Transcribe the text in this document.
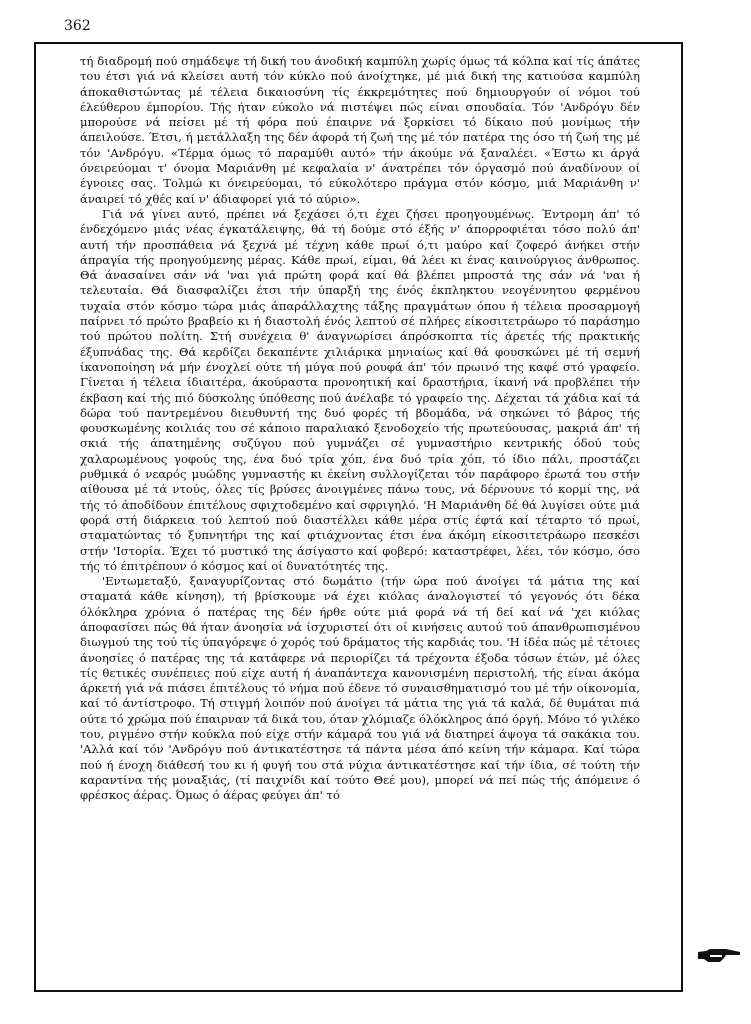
362

τή διαδρομή πού σημάδεψε τή δική του άνοδική καμπύλη χωρίς όμως τά κόλπα καί τίς άπάτες του έτσι γιά νά κλείσει αυτή τόν κύκλο πού άνοίχτηκε, μέ μιά δική της κατιούσα καμπύλη άποκαθιστώντας μέ τέλεια δικαιοσύνη τίς έκκρεμότητες πού δημιουργούν οί νόμοι τού έλεύθερου έμπορίου. Τής ήταν εύκολο νά πιστέψει πώς είναι σπουδαία. Τόν 'Ανδρόγυ δέν μπορούσε νά πείσει μέ τή φόρα πού έπαιρνε νά ξορκίσει τό δίκαιο πού μονίμως τήν άπειλούσε. Έτσι, ή μετάλλαξη της δέν άφορά τή ζωή της μέ τόν πατέρα της όσο τή ζωή της μέ τόν 'Ανδρόγυ. «Τέρμα όμως τό παραμύθι αυτό» τήν άκούμε νά ξαναλέει. «Έστω κι άργά όνειρεύομαι τ' όνομα Μαριάνθη μέ κεφαλαία ν' άνατρέπει τόν όργασμό πού άναδίνουν οί έγνοιες σας. Τολμώ κι όνειρεύομαι, τό εύκολότερο πράγμα στόν κόσμο, μιά Μαριάνθη ν' άναιρεί τό χθές καί ν' άδιαφορεί γιά τό αύριο».

Γιά νά γίνει αυτό, πρέπει νά ξεχάσει ό,τι έχει ζήσει προηγουμένως. Έντρομη άπ' τό ένδεχόμενο μιάς νέας έγκατάλειψης, θά τή δούμε στό έξής ν' άπορροφιέται τόσο πολύ άπ' αυτή τήν προσπάθεια νά ξεχνά μέ τέχνη κάθε πρωί ό,τι μαύρο καί ζοφερό άνήκει στήν άπραγία τής προηγούμενης μέρας. Κάθε πρωί, είμαι, θά λέει κι ένας καινούργιος άνθρωπος. Θά άνασαίνει σάν νά 'ναι γιά πρώτη φορά καί θά βλέπει μπροστά της σάν νά 'ναι ή τελευταία. Θά διασφαλίζει έτσι τήν ύπαρξή της ένός έκπληκτου νεογέννητου φερμένου τυχαία στόν κόσμο τώρα μιάς άπαράλλαχτης τάξης πραγμάτων όπου ή τέλεια προσαρμογή παίρνει τό πρώτο βραβείο κι ή διαστολή ένός λεπτού σέ πλήρες είκοσιτετράωρο τό παράσημο τού πρώτου πολίτη. Στή συνέχεια θ' άναγνωρίσει άπρόσκοπτα τίς άρετές τής πρακτικής έξυπνάδας της. Θά κερδίζει δεκαπέντε χιλιάρικα μηνιαίως καί θά φουσκώνει μέ τή σεμνή ίκανοποίηση νά μήν ένοχλεί ούτε τή μύγα πού ρουφά άπ' τόν πρωινό της καφέ στό γραφείο. Γίνεται ή τέλεια ίδιαιτέρα, άκούραστα προνοητική καί δραστήρια, ίκανή νά προβλέπει τήν έκβαση καί τής πιό δύσκολης ύπόθεσης πού άνέλαβε τό γραφείο της. Δέχεται τά χάδια καί τά δώρα τού παντρεμένου διευθυντή της δυό φορές τή βδομάδα, νά σηκώνει τό βάρος τής φουσκωμένης κοιλιάς του σέ κάποιο παραλιακό ξενοδοχείο τής πρωτεύουσας, μακριά άπ' τή σκιά τής άπατημένης συζύγου πού γυμνάζει σέ γυμναστήριο κεντρικής όδού τούς χαλαρωμένους γοφούς της, ένα δυό τρία χόπ, ένα δυό τρία χόπ, τό ίδιο πάλι, προστάζει ρυθμικά ό νεαρός μυώδης γυμναστής κι έκείνη συλλογίζεται τόν παράφορο έρωτά του στήν αίθουσα μέ τά ντούς, όλες τίς βρύσες άνοιγμένες πάνω τους, νά δέρνουνε τό κορμί της, νά τής τό άποδίδουν έπιτέλους σφιχτοδεμένο καί σφριγηλό. 'Η Μαριάνθη δέ θά λυγίσει ούτε μιά φορά στή διάρκεια τού λεπτού πού διαστέλλει κάθε μέρα στίς έφτά καί τέταρτο τό πρωί, σταματώντας τό ξυπνητήρι της καί φτιάχνοντας έτσι ένα άκόμη είκοσιτετράωρο πεσκέσι στήν 'Ιστορία. Έχει τό μυστικό της άσίγαστο καί φοβερό: καταστρέφει, λέει, τόν κόσμο, όσο τής τό έπιτρέπουν ό κόσμος καί οί δυνατότητές της.

'Εντωμεταξύ, ξαναγυρίζοντας στό δωμάτιο (τήν ώρα πού άνοίγει τά μάτια της καί σταματά κάθε κίνηση), τή βρίσκουμε νά έχει κιόλας άναλογιστεί τό γεγονός ότι δέκα όλόκληρα χρόνια ό πατέρας της δέν ήρθε ούτε μιά φορά νά τή δεί καί νά 'χει κιόλας άποφασίσει πώς θά ήταν άνοησία νά ίσχυριστεί ότι οί κινήσεις αυτού τού άπανθρωπισμένου διωγμού της τού τίς ύπαγόρεψε ό χορός τού δράματος τής καρδιάς του. 'Η ίδέα πώς μέ τέτοιες άνοησίες ό πατέρας της τά κατάφερε νά περιορίζει τά τρέχοντα έξοδα τόσων έτών, μέ όλες τίς θετικές συνέπειες πού είχε αυτή ή άναπάντεχα κανονισμένη περιστολή, τής είναι άκόμα άρκετή γιά νά πιάσει έπιτέλους τό νήμα πού έδενε τό συναισθηματισμό του μέ τήν οίκονομία, καί τό άντίστροφο. Τή στιγμή λοιπόν πού άνοίγει τά μάτια της γιά τά καλά, δέ θυμάται πιά ούτε τό χρώμα πού έπαιρναν τά δικά του, όταν χλόμιαζε όλόκληρος άπό όργή. Μόνο τό γιλέκο του, ριγμένο στήν κούκλα πού είχε στήν κάμαρά του γιά νά διατηρεί άψογα τά σακάκια του. 'Αλλά καί τόν 'Ανδρόγυ πού άντικατέστησε τά πάντα μέσα άπό κείνη τήν κάμαρα. Καί τώρα πού ή ένοχη διάθεσή του κι ή φυγή του στά νύχια άντικατέστησε καί τήν ίδια, σέ τούτη τήν καραντίνα τής μοναξιάς, (τί παιχνίδι καί τούτο Θεέ μου), μπορεί νά πεί πώς τής άπόμεινε ό φρέσκος άέρας. Όμως ό άέρας φεύγει άπ' τό
